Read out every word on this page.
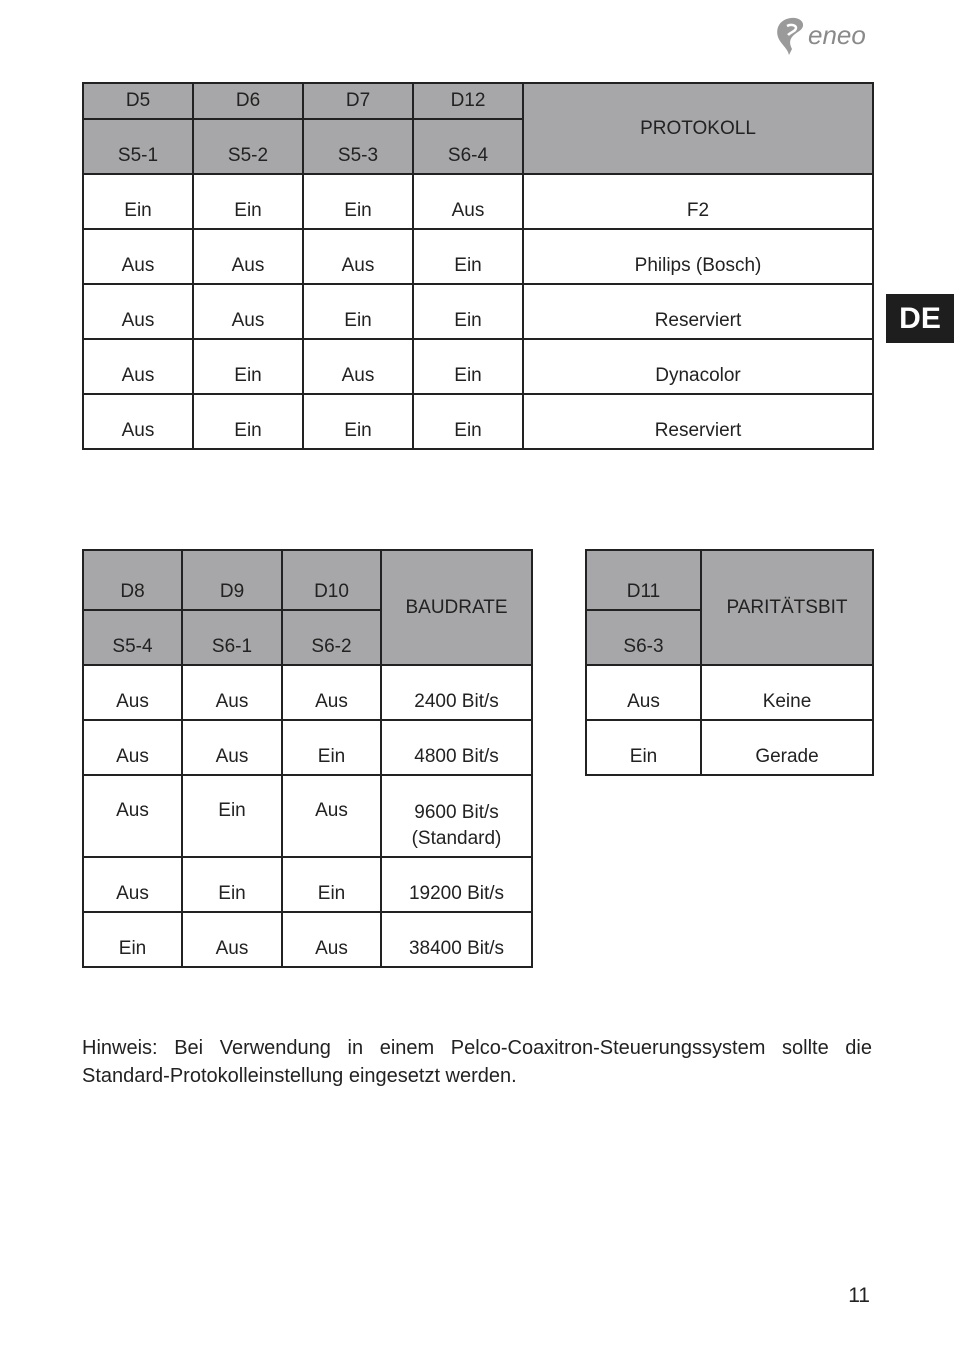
eneo
DE
D5	D6	D7	D12	PROTOKOLL
S5-1	S5-2	S5-3	S6-4	
Ein	Ein	Ein	Aus	F2
Aus	Aus	Aus	Ein	Philips (Bosch)
Aus	Aus	Ein	Ein	Reserviert
Aus	Ein	Aus	Ein	Dynacolor
Aus	Ein	Ein	Ein	Reserviert
D8	D9	D10	BAUDRATE
S5-4	S6-1	S6-2	
Aus	Aus	Aus	2400 Bit/s

Aus	Aus	Ein	4800 Bit/s

Aus	Ein	Aus	9600 Bit/s
(Standard)

Aus	Ein	Ein	19200 Bit/s

Ein	Aus	Aus	38400 Bit/s
D11	PARITÄTSBIT
S6-3	
Aus	Keine
Ein	Gerade

Hinweis: Bei Verwendung in einem Pelco-Coaxitron-Steuerungssystem sollte die Standard-Protokolleinstellung eingesetzt werden.

11
